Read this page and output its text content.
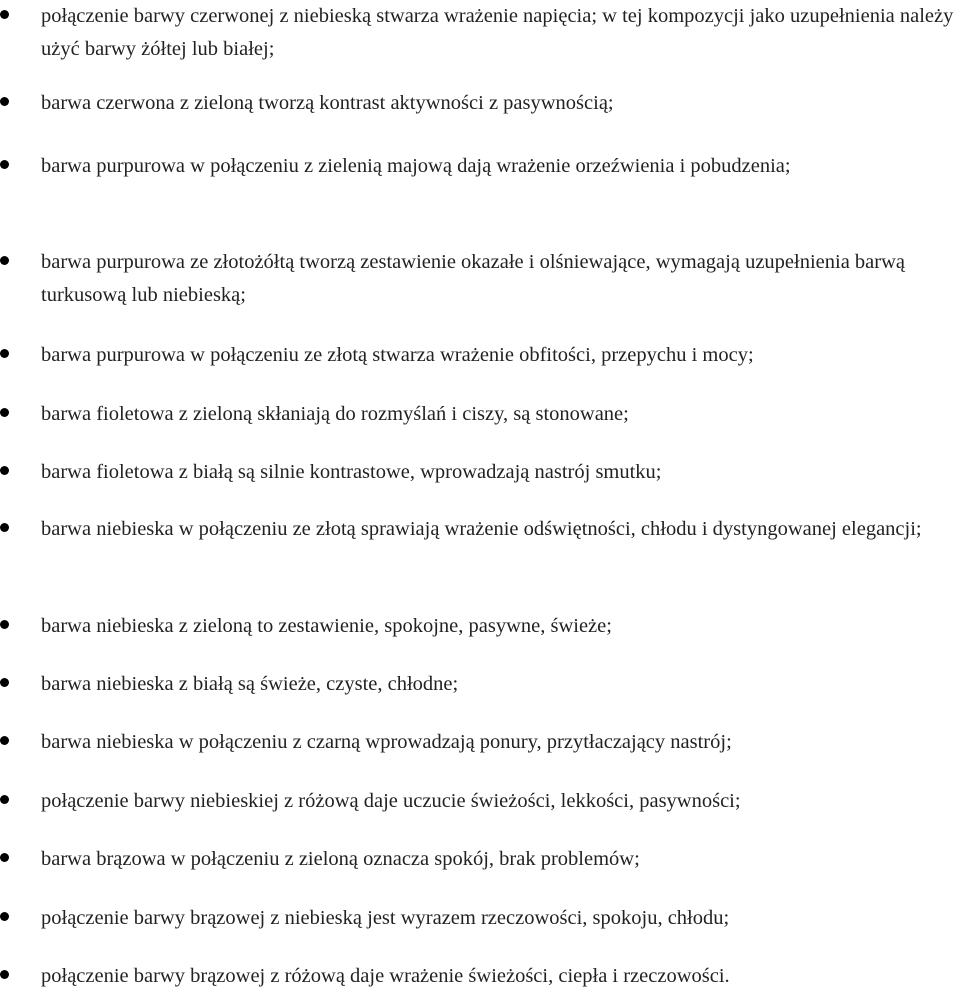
połączenie barwy czerwonej z niebieską stwarza wrażenie napięcia; w tej kompozycji jako uzupełnienia należy użyć barwy żółtej lub białej;

barwa czerwona z zieloną tworzą kontrast aktywności z pasywnością;

barwa purpurowa w połączeniu z zielenią majową dają wrażenie orzeźwienia i pobudzenia;

barwa purpurowa ze złotożółtą tworzą zestawienie okazałe i olśniewające, wymagają uzupełnienia barwą turkusową lub niebieską;

barwa purpurowa w połączeniu ze złotą stwarza wrażenie obfitości, przepychu i mocy;

barwa fioletowa z zieloną skłaniają do rozmyślań i ciszy, są stonowane;

barwa fioletowa z białą są silnie kontrastowe, wprowadzają nastrój smutku;

barwa niebieska w połączeniu ze złotą sprawiają wrażenie odświętności, chłodu i dystyngowanej elegancji;

barwa niebieska z zieloną to zestawienie, spokojne, pasywne, świeże;

barwa niebieska z białą są świeże, czyste, chłodne;

barwa niebieska w połączeniu z czarną wprowadzają ponury, przytłaczający nastrój;

połączenie barwy niebieskiej z różową daje uczucie świeżości, lekkości, pasywności;

barwa brązowa w połączeniu z zieloną oznacza spokój, brak problemów;

połączenie barwy brązowej z niebieską jest wyrazem rzeczowości, spokoju, chłodu;

połączenie barwy brązowej z różową daje wrażenie świeżości, ciepła i rzeczowości.
